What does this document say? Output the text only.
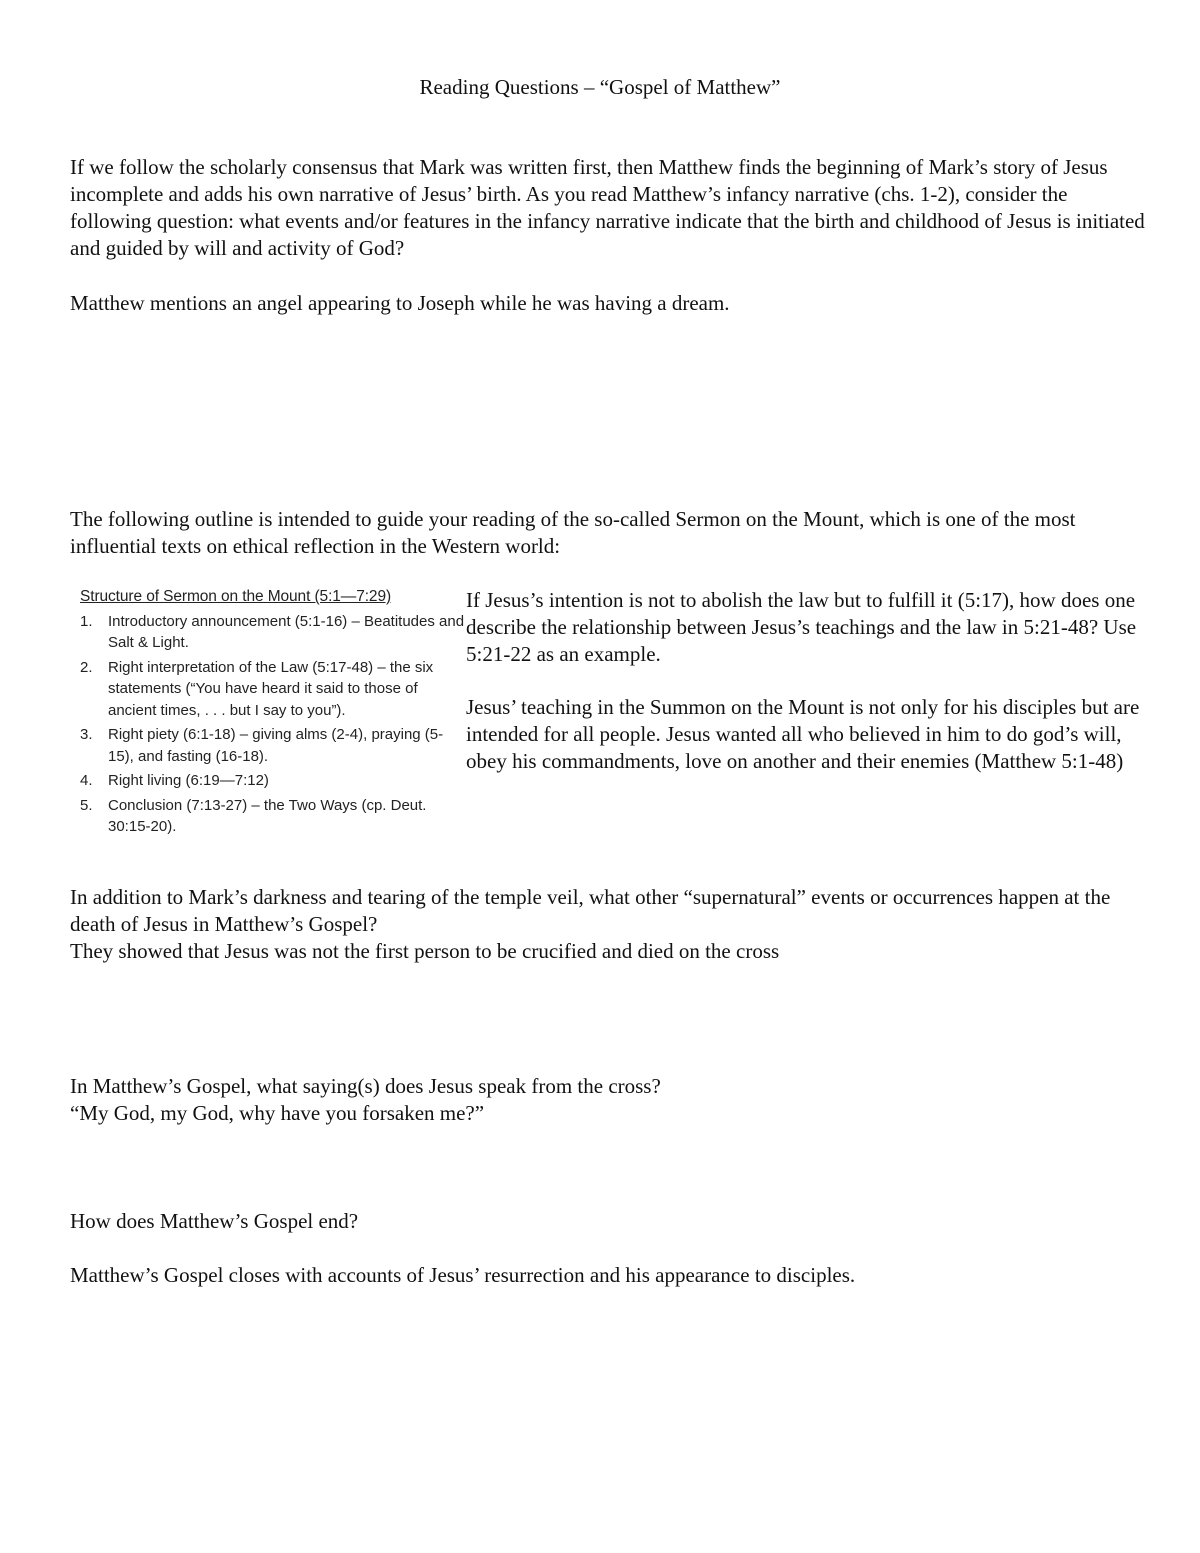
Reading Questions – “Gospel of Matthew”

If we follow the scholarly consensus that Mark was written first, then Matthew finds the beginning of Mark’s story of Jesus incomplete and adds his own narrative of Jesus’ birth. As you read Matthew’s infancy narrative (chs. 1-2), consider the following question: what events and/or features in the infancy narrative indicate that the birth and childhood of Jesus is initiated and guided by will and activity of God?

Matthew mentions an angel appearing to Joseph while he was having a dream.

The following outline is intended to guide your reading of the so-called Sermon on the Mount, which is one of the most influential texts on ethical reflection in the Western world:

Structure of Sermon on the Mount (5:1—7:29)
1. Introductory announcement (5:1-16) – Beatitudes and Salt & Light.
2. Right interpretation of the Law (5:17-48) – the six statements (“You have heard it said to those of ancient times, . . . but I say to you”).
3. Right piety (6:1-18) – giving alms (2-4), praying (5-15), and fasting (16-18).
4. Right living (6:19—7:12)
5. Conclusion (7:13-27) – the Two Ways (cp. Deut. 30:15-20).

If Jesus’s intention is not to abolish the law but to fulfill it (5:17), how does one describe the relationship between Jesus’s teachings and the law in 5:21-48? Use 5:21-22 as an example.

Jesus’ teaching in the Summon on the Mount is not only for his disciples but are intended for all people. Jesus wanted all who believed in him to do god’s will, obey his commandments, love on another and their enemies (Matthew 5:1-48)

In addition to Mark’s darkness and tearing of the temple veil, what other “supernatural” events or occurrences happen at the death of Jesus in Matthew’s Gospel?

They showed that Jesus was not the first person to be crucified and died on the cross

In Matthew’s Gospel, what saying(s) does Jesus speak from the cross?

“My God, my God, why have you forsaken me?”

How does Matthew’s Gospel end?

Matthew’s Gospel closes with accounts of Jesus’ resurrection and his appearance to disciples.
